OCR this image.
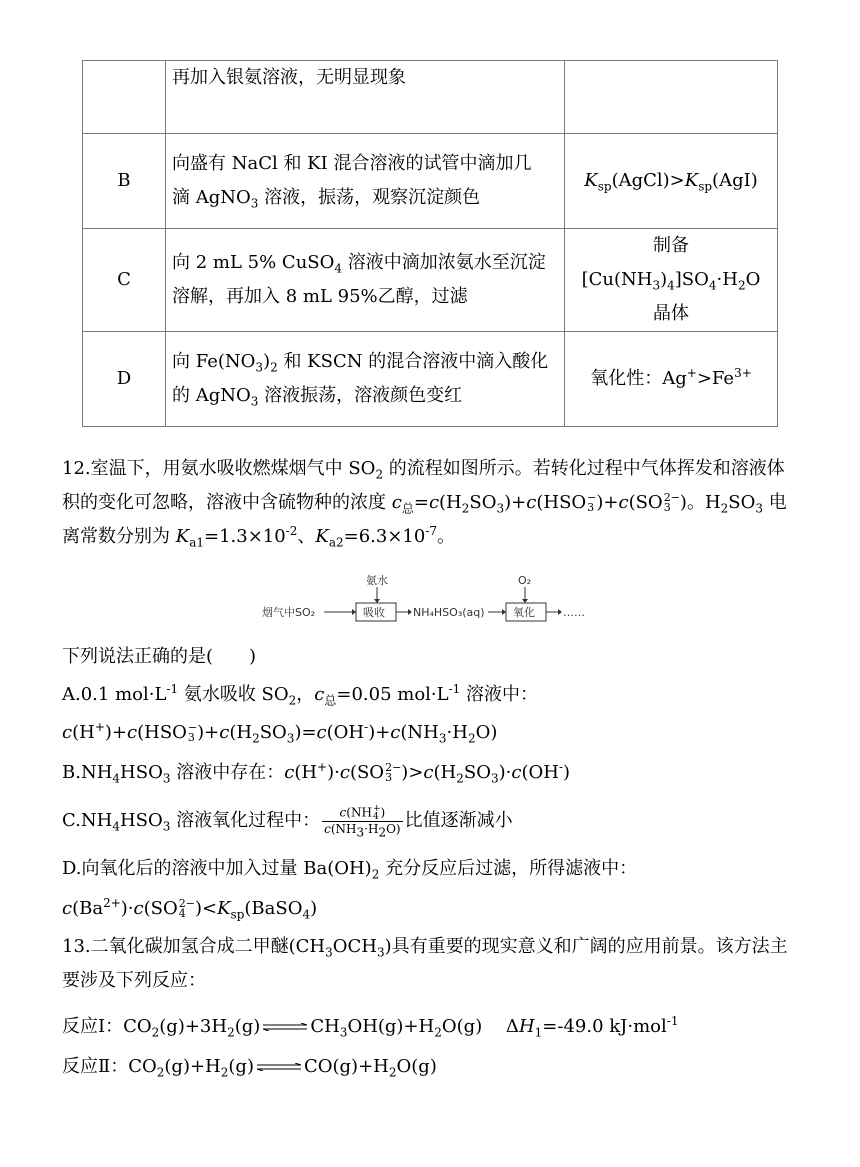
	再加入银氨溶液，无明显现象	
B	向盛有 NaCl 和 KI 混合溶液的试管中滴加几
滴 AgNO$_3$ 溶液，振荡，观察沉淀颜色	$K_{sp}(AgCl)>K_{sp}(AgI)$
C	向 2 mL 5% CuSO$_4$ 溶液中滴加浓氨水至沉淀
溶解，再加入 8 mL 95%乙醇，过滤	制备$[Cu(NH_3)_4]SO_4\cdot H_2O$
晶体
D	向 $Fe(NO_3)_2$ 和 KSCN 的混合溶液中滴入酸化
的 AgNO$_3$ 溶液振荡，溶液颜色变红	氧化性：$Ag^+>Fe^{3+}$
12.室温下，用氨水吸收燃煤烟气中 $SO_2$ 的流程如图所示。若转化过程中气体挥发和溶液体积的变化可忽略，溶液中含硫物种的浓度 $c_总=c(H_2SO_3)+c(HSO$ −
3 )+c(SO 2−
3 )。$H_2SO_3$ 电离常数分别为 $K_{a1}=1.3\times 10^{-2}$、$K_{a2}=6.3\times 10^{-7}$。
氨水
烟气中SO₂	吸收	NH₄HSO₃(aq)
O₂
氧化	……
下列说法正确的是(　　)
A.0.1 $mol\cdot L^{-1}$ 氨水吸收 $SO_2$，$c_总=0.05$ $mol\cdot L^{-1}$ 溶液中：
c(H+)+c(HSO −
3 )$+c(H_2SO_3)=c(OH^-)+c(NH_3\cdot H_2O)$
$B.NH_4HSO_3$ 溶液中存在：c(H+)·c(SO 2−
3 )$>c(H_2SO_3)\cdot c(OH^-)$
$C.NH_4HSO_3$ 溶液氧化过程中： c(NH +
4 )
$c(NH_3\cdot H_2O)$ 比值逐渐减小
D.向氧化后的溶液中加入过量 $Ba(OH)_2$ 充分反应后过滤，所得滤液中：
$c(Ba^{2+})\cdot c(SO$ 2−
4 )$<K_{sp}(BaSO_4)$
13.二氧化碳加氢合成二甲醚$(CH_3OCH_3)$具有重要的现实意义和广阔的应用前景。该方法主要涉及下列反应：
反应Ⅰ：$CO_2(g)+3H_2(g)$ ⇌ $CH_3OH(g)+H_2O(g)$　 $\Delta H_1=-49.0$ kJ·mol$^{-1}$
反应Ⅱ：$CO_2(g)+H_2(g)$ ⇌ $CO(g)+H_2O(g)$
